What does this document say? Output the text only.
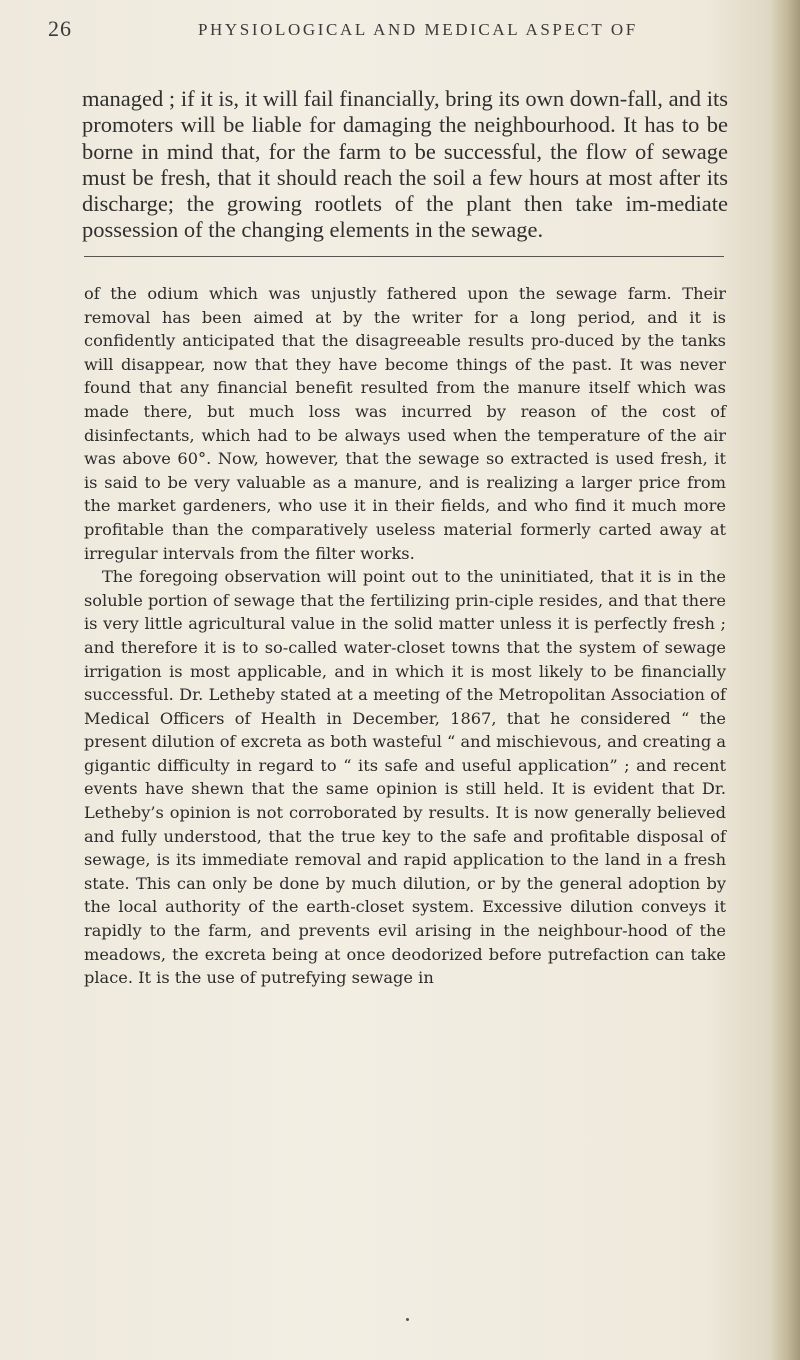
26	PHYSIOLOGICAL AND MEDICAL ASPECT OF

managed ; if it is, it will fail financially, bring its own down-fall, and its promoters will be liable for damaging the neighbourhood. It has to be borne in mind that, for the farm to be successful, the flow of sewage must be fresh, that it should reach the soil a few hours at most after its discharge; the growing rootlets of the plant then take im-mediate possession of the changing elements in the sewage.

of the odium which was unjustly fathered upon the sewage farm. Their removal has been aimed at by the writer for a long period, and it is confidently anticipated that the disagreeable results pro-duced by the tanks will disappear, now that they have become things of the past. It was never found that any financial benefit resulted from the manure itself which was made there, but much loss was incurred by reason of the cost of disinfectants, which had to be always used when the temperature of the air was above 60°. Now, however, that the sewage so extracted is used fresh, it is said to be very valuable as a manure, and is realizing a larger price from the market gardeners, who use it in their fields, and who find it much more profitable than the comparatively useless material formerly carted away at irregular intervals from the filter works.

The foregoing observation will point out to the uninitiated, that it is in the soluble portion of sewage that the fertilizing prin-ciple resides, and that there is very little agricultural value in the solid matter unless it is perfectly fresh ; and therefore it is to so-called water-closet towns that the system of sewage irrigation is most applicable, and in which it is most likely to be financially successful. Dr. Letheby stated at a meeting of the Metropolitan Association of Medical Officers of Health in December, 1867, that he considered “ the present dilution of excreta as both wasteful “ and mischievous, and creating a gigantic difficulty in regard to “ its safe and useful application” ; and recent events have shewn that the same opinion is still held. It is evident that Dr. Letheby’s opinion is not corroborated by results. It is now generally believed and fully understood, that the true key to the safe and profitable disposal of sewage, is its immediate removal and rapid application to the land in a fresh state. This can only be done by much dilution, or by the general adoption by the local authority of the earth-closet system. Excessive dilution conveys it rapidly to the farm, and prevents evil arising in the neighbour-hood of the meadows, the excreta being at once deodorized before putrefaction can take place. It is the use of putrefying sewage in
